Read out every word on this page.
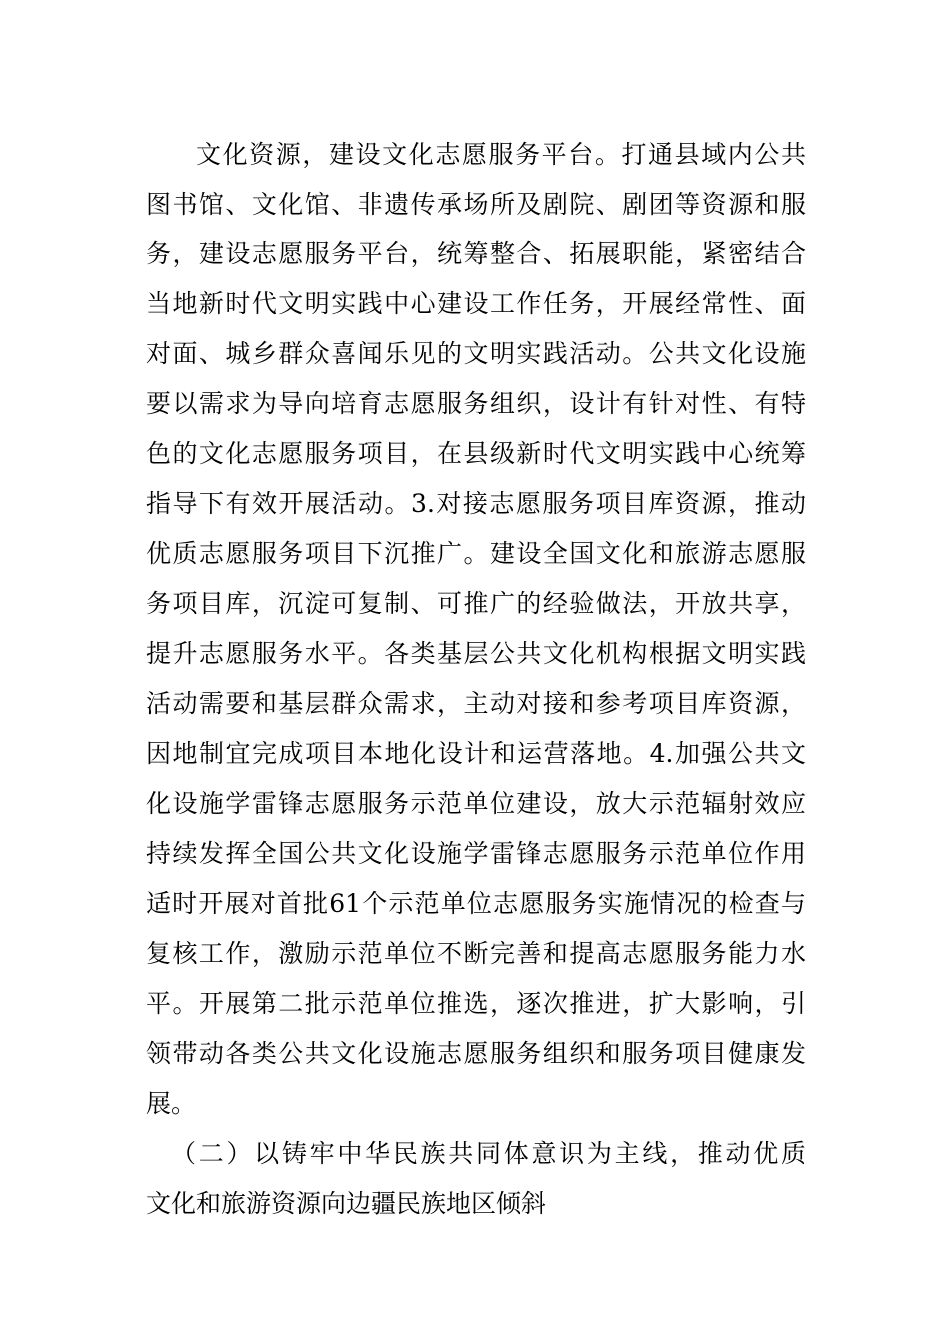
文化资源，建设文化志愿服务平台。打通县域内公共
图书馆、文化馆、非遗传承场所及剧院、剧团等资源和服
务，建设志愿服务平台，统筹整合、拓展职能，紧密结合
当地新时代文明实践中心建设工作任务，开展经常性、面
对面、城乡群众喜闻乐见的文明实践活动。公共文化设施
要以需求为导向培育志愿服务组织，设计有针对性、有特
色的文化志愿服务项目，在县级新时代文明实践中心统筹
指导下有效开展活动。3.对接志愿服务项目库资源，推动
优质志愿服务项目下沉推广。建设全国文化和旅游志愿服
务项目库，沉淀可复制、可推广的经验做法，开放共享，
提升志愿服务水平。各类基层公共文化机构根据文明实践
活动需要和基层群众需求，主动对接和参考项目库资源，
因地制宜完成项目本地化设计和运营落地。4.加强公共文
化设施学雷锋志愿服务示范单位建设，放大示范辐射效应
持续发挥全国公共文化设施学雷锋志愿服务示范单位作用
适时开展对首批61个示范单位志愿服务实施情况的检查与
复核工作，激励示范单位不断完善和提高志愿服务能力水
平。开展第二批示范单位推选，逐次推进，扩大影响，引
领带动各类公共文化设施志愿服务组织和服务项目健康发
展。
（二）以铸牢中华民族共同体意识为主线，推动优质
文化和旅游资源向边疆民族地区倾斜
